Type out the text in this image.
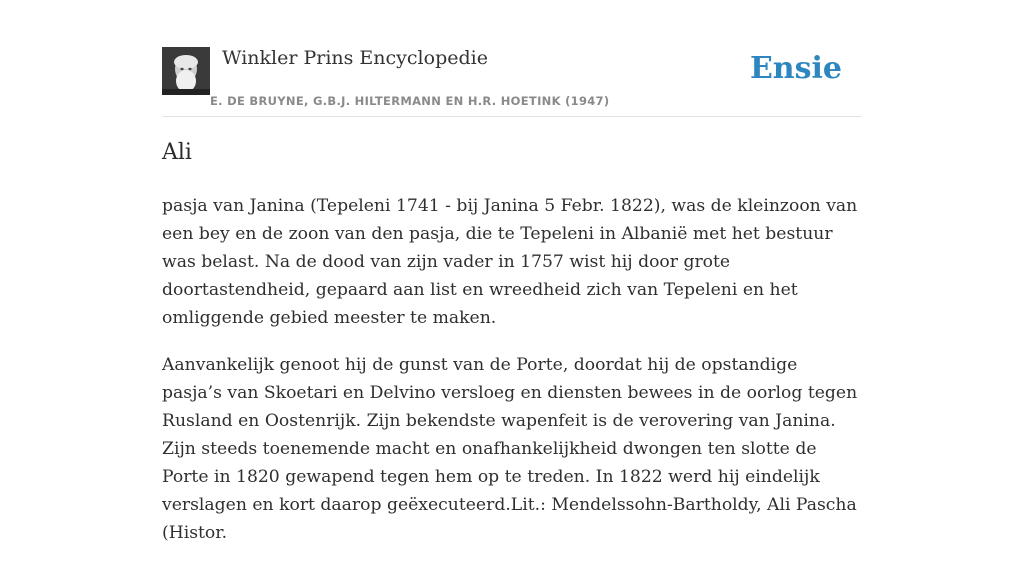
Winkler Prins Encyclopedie
E. DE BRUYNE, G.B.J. HILTERMANN EN H.R. HOETINK (1947)
Ensie
Ali

pasja van Janina (Tepeleni 1741 - bij Janina 5 Febr. 1822), was de kleinzoon van een bey en de zoon van den pasja, die te Tepeleni in Albanië met het bestuur was belast. Na de dood van zijn vader in 1757 wist hij door grote doortastendheid, gepaard aan list en wreedheid zich van Tepeleni en het omliggende gebied meester te maken.

Aanvankelijk genoot hij de gunst van de Porte, doordat hij de opstandige pasja’s van Skoetari en Delvino versloeg en diensten bewees in de oorlog tegen Rusland en Oostenrijk. Zijn bekendste wapenfeit is de verovering van Janina. Zijn steeds toenemende macht en onafhankelijkheid dwongen ten slotte de Porte in 1820 gewapend tegen hem op te treden. In 1822 werd hij eindelijk verslagen en kort daarop geëxecuteerd.Lit.: Mendelssohn-Bartholdy, Ali Pascha (Histor.
